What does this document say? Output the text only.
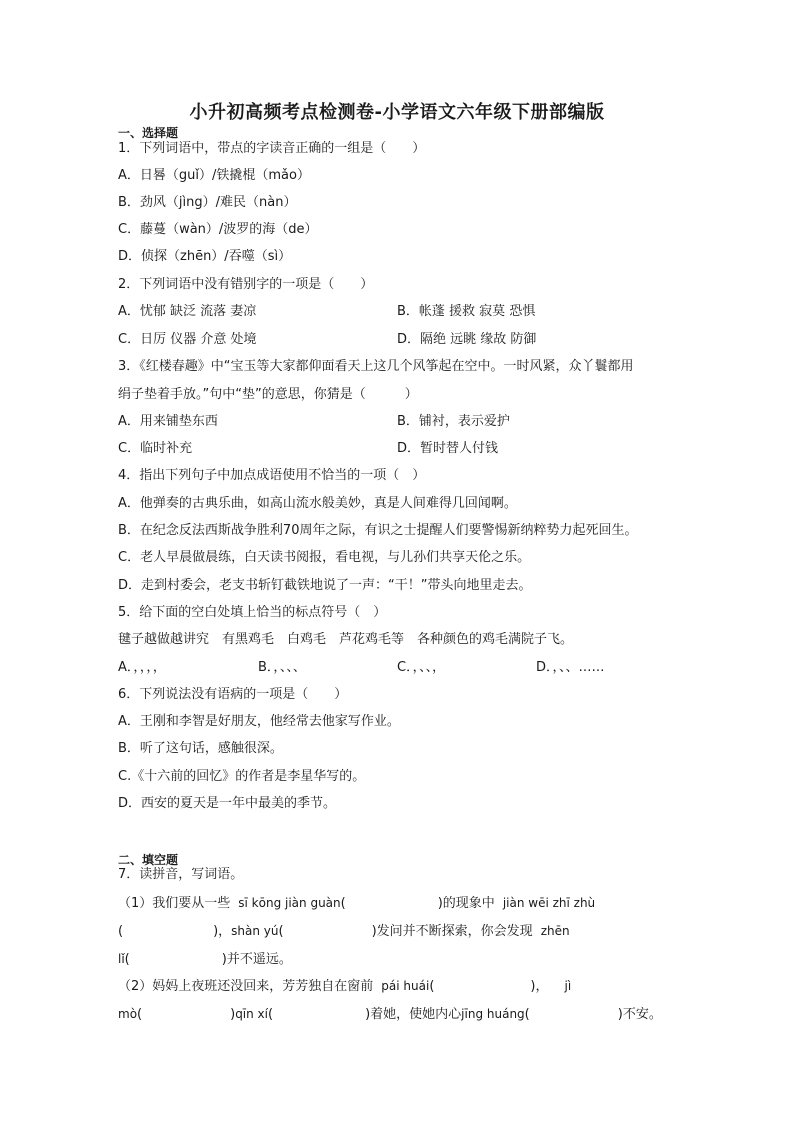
小升初高频考点检测卷-小学语文六年级下册部编版
一、选择题
1．下列词语中，带点的字读音正确的一组是（　　）
A．日晷（guǐ）/铁撬棍（mǎo）
B．劲风（jìng）/难民（nàn）
C．藤蔓（wàn）/波罗的海（de）
D．侦探（zhēn）/吞噬（sì）
2．下列词语中没有错别字的一项是（　　）
A．忧郁 缺泛 流落 妻凉	B．帐蓬 援救 寂莫 恐惧
C．日厉 仪器 介意 处境	D．隔绝 远眺 缘故 防御
3．《红楼春趣》中“宝玉等大家都仰面看天上这几个风筝起在空中。一时风紧，众丫鬟都用
绢子垫着手放。”句中“垫”的意思，你猜是（　　　）
A．用来铺垫东西	B．铺衬，表示爱护
C．临时补充	D．暂时替人付钱
4．指出下列句子中加点成语使用不恰当的一项（　）
A．他弹奏的古典乐曲，如高山流水般美妙，真是人间难得几回闻啊。
B．在纪念反法西斯战争胜利70周年之际，有识之士提醒人们要警惕新纳粹势力起死回生。
C．老人早晨做晨练，白天读书阅报，看电视，与儿孙们共享天伦之乐。
D．走到村委会，老支书斩钉截铁地说了一声：“干！”带头向地里走去。
5．给下面的空白处填上恰当的标点符号（　）
毽子越做越讲究　有黑鸡毛　白鸡毛　芦花鸡毛等　各种颜色的鸡毛满院子飞。
A．，，，，	B．，、、、	C．，、、，	D．，、、……
6．下列说法没有语病的一项是（　　）
A．王刚和李智是好朋友，他经常去他家写作业。
B．听了这句话，感触很深。
C.《十六前的回忆》的作者是李星华写的。
D．西安的夏天是一年中最美的季节。
二、填空题
7．读拼音，写词语。
（1）我们要从一些 sī kōng jiàn guàn(	)的现象中 jiàn wēi zhī zhù
(	)，shàn yú(	)发问并不断探索，你会发现 zhēn
lǐ(	)并不遥远。
（2）妈妈上夜班还没回来，芳芳独自在窗前 pái huái(	)， jì
mò(	)qīn xí(	)着她，使她内心jīng huáng(	)不安。
